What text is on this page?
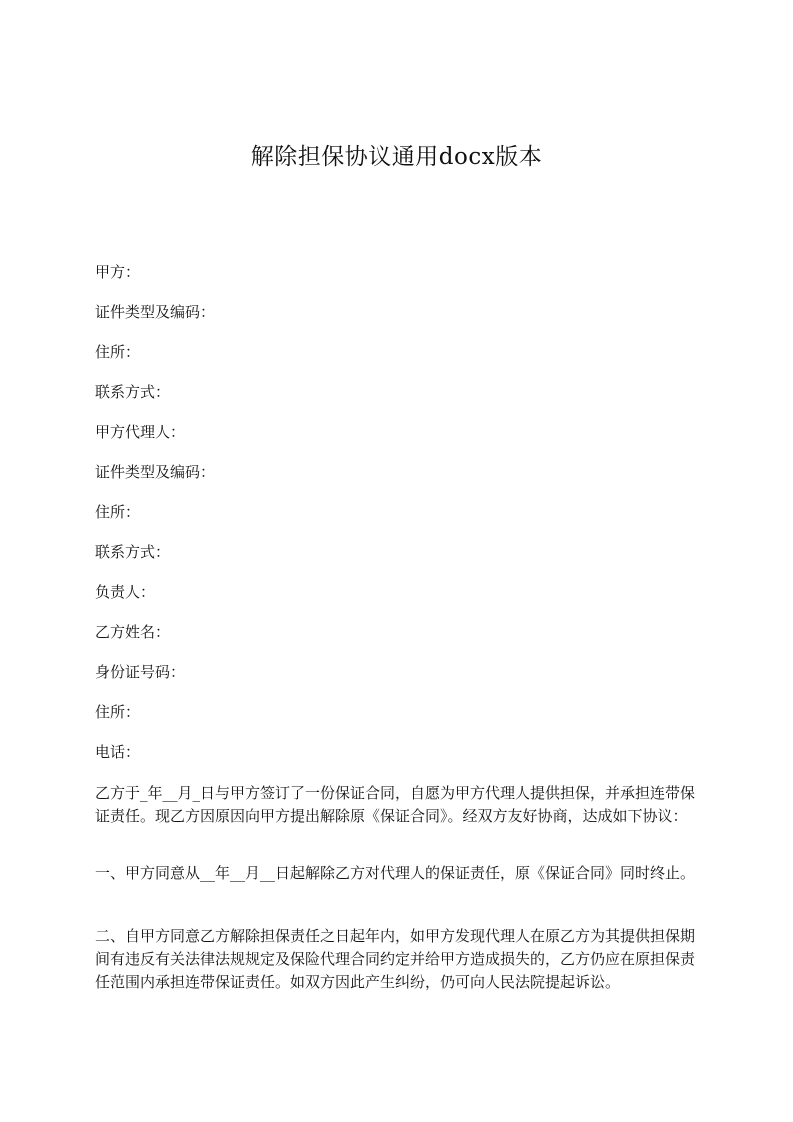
解除担保协议通用docx版本
甲方：
证件类型及编码：
住所：
联系方式：
甲方代理人：
证件类型及编码：
住所：
联系方式：
负责人：
乙方姓名：
身份证号码：
住所：
电话：

乙方于_年__月_日与甲方签订了一份保证合同，自愿为甲方代理人提供担保，并承担连带保证责任。现乙方因原因向甲方提出解除原《保证合同》。经双方友好协商，达成如下协议：

一、甲方同意从__年__月__日起解除乙方对代理人的保证责任，原《保证合同》同时终止。

二、自甲方同意乙方解除担保责任之日起年内，如甲方发现代理人在原乙方为其提供担保期间有违反有关法律法规规定及保险代理合同约定并给甲方造成损失的，乙方仍应在原担保责任范围内承担连带保证责任。如双方因此产生纠纷，仍可向人民法院提起诉讼。
